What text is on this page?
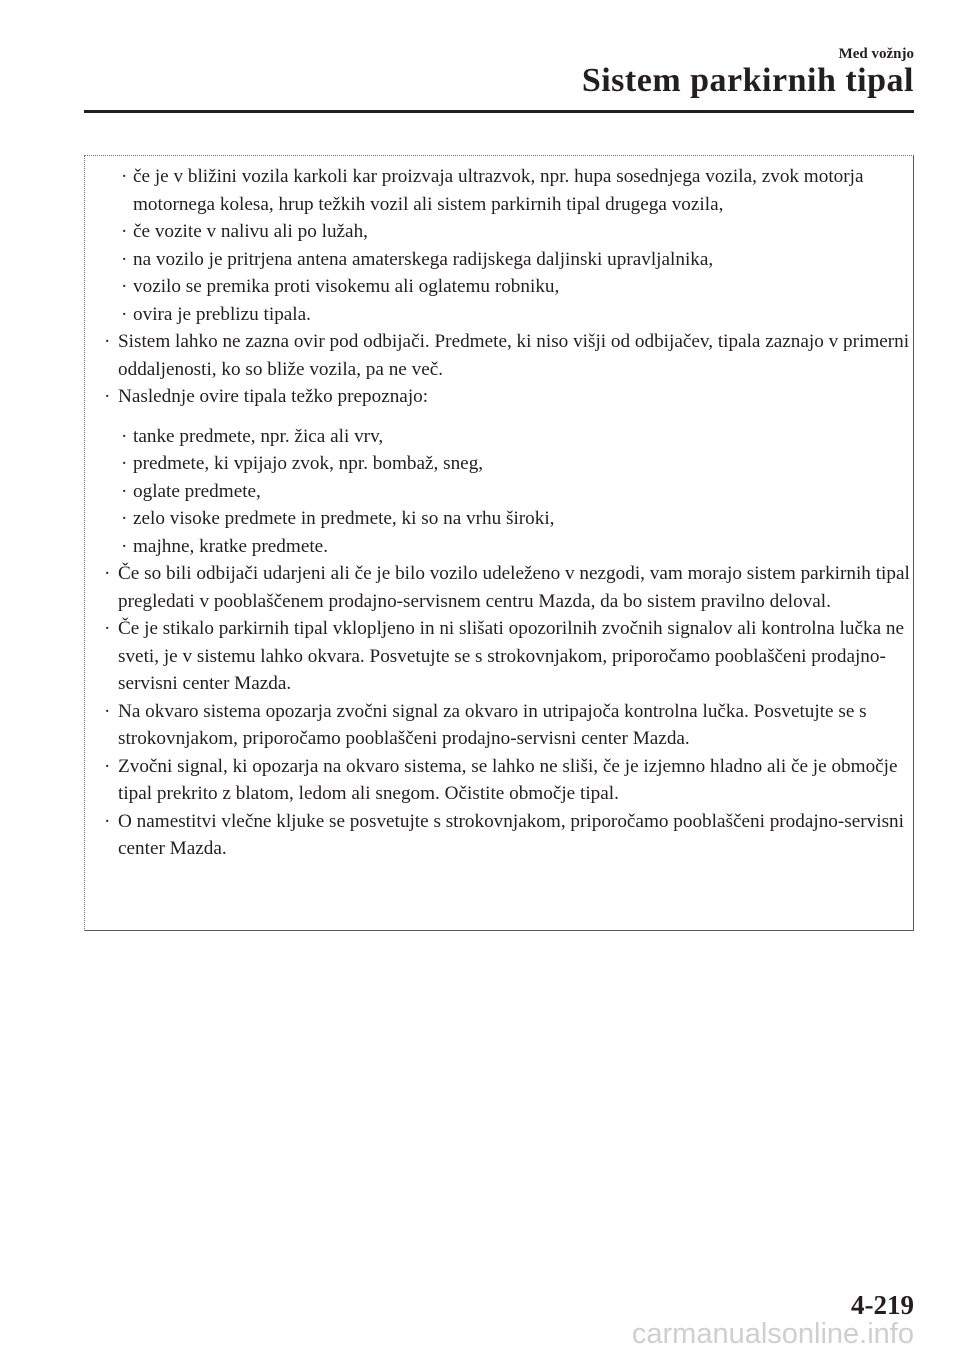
Med vožnjo
Sistem parkirnih tipal
· če je v bližini vozila karkoli kar proizvaja ultrazvok, npr. hupa sosednjega vozila, zvok motorja motornega kolesa, hrup težkih vozil ali sistem parkirnih tipal drugega vozila,
· če vozite v nalivu ali po lužah,
· na vozilo je pritrjena antena amaterskega radijskega daljinski upravljalnika,
· vozilo se premika proti visokemu ali oglatemu robniku,
· ovira je preblizu tipala.
· Sistem lahko ne zazna ovir pod odbijači. Predmete, ki niso višji od odbijačev, tipala zaznajo v primerni oddaljenosti, ko so bliže vozila, pa ne več.
· Naslednje ovire tipala težko prepoznajo:
· tanke predmete, npr. žica ali vrv,
· predmete, ki vpijajo zvok, npr. bombaž, sneg,
· oglate predmete,
· zelo visoke predmete in predmete, ki so na vrhu široki,
· majhne, kratke predmete.
· Če so bili odbijači udarjeni ali če je bilo vozilo udeleženo v nezgodi, vam morajo sistem parkirnih tipal pregledati v pooblaščenem prodajno-servisnem centru Mazda, da bo sistem pravilno deloval.
· Če je stikalo parkirnih tipal vklopljeno in ni slišati opozorilnih zvočnih signalov ali kontrolna lučka ne sveti, je v sistemu lahko okvara. Posvetujte se s strokovnjakom, priporočamo pooblaščeni prodajno-servisni center Mazda.
· Na okvaro sistema opozarja zvočni signal za okvaro in utripajoča kontrolna lučka. Posvetujte se s strokovnjakom, priporočamo pooblaščeni prodajno-servisni center Mazda.
· Zvočni signal, ki opozarja na okvaro sistema, se lahko ne sliši, če je izjemno hladno ali če je območje tipal prekrito z blatom, ledom ali snegom. Očistite območje tipal.
· O namestitvi vlečne kljuke se posvetujte s strokovnjakom, priporočamo pooblaščeni prodajno-servisni center Mazda.
4-219
carmanualsonline.info
